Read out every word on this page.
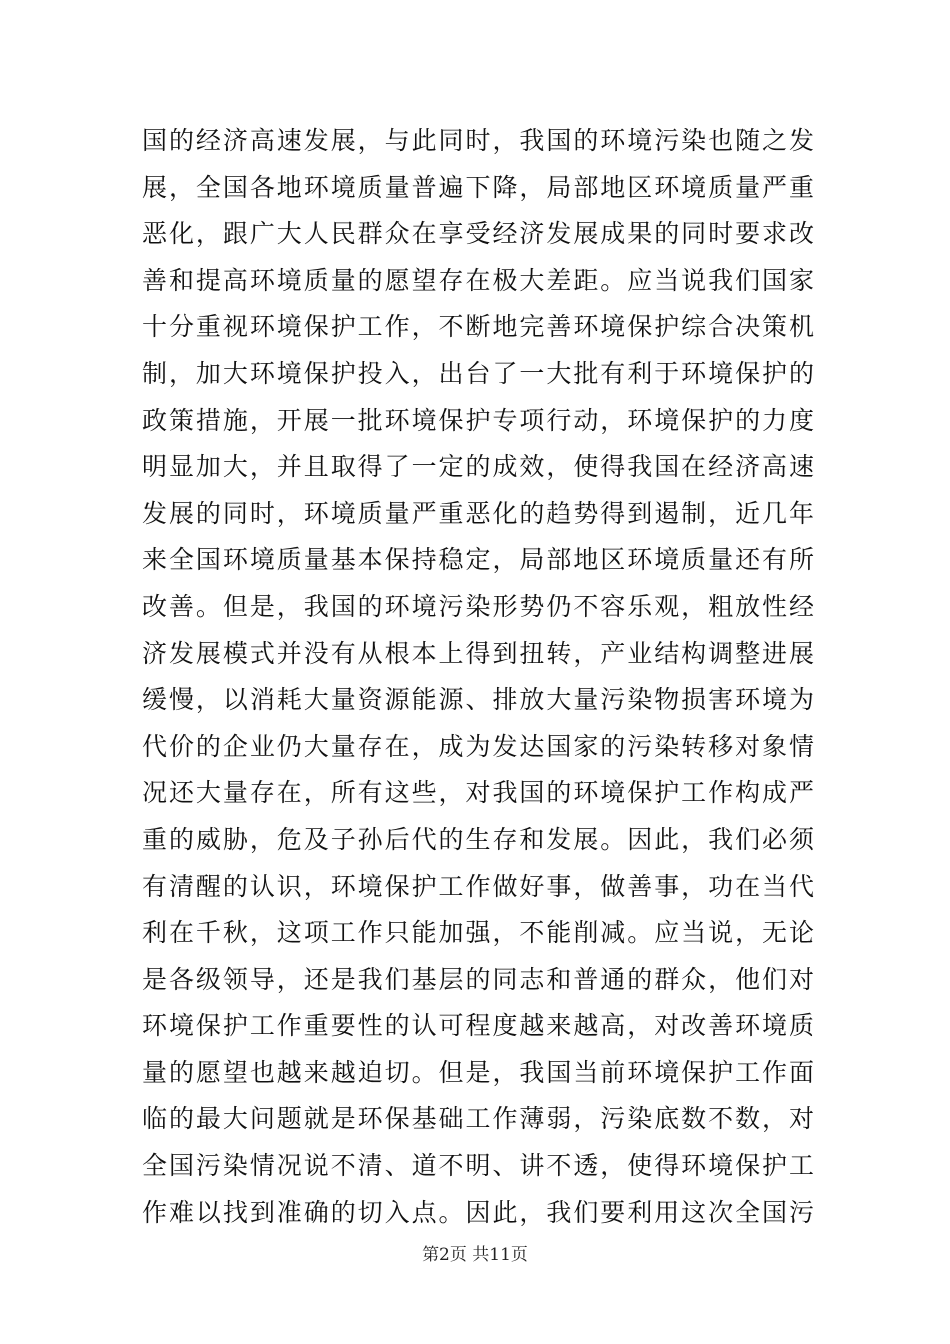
国的经济高速发展，与此同时，我国的环境污染也随之发
展，全国各地环境质量普遍下降，局部地区环境质量严重
恶化，跟广大人民群众在享受经济发展成果的同时要求改
善和提高环境质量的愿望存在极大差距。应当说我们国家
十分重视环境保护工作，不断地完善环境保护综合决策机
制，加大环境保护投入，出台了一大批有利于环境保护的
政策措施，开展一批环境保护专项行动，环境保护的力度
明显加大，并且取得了一定的成效，使得我国在经济高速
发展的同时，环境质量严重恶化的趋势得到遏制，近几年
来全国环境质量基本保持稳定，局部地区环境质量还有所
改善。但是，我国的环境污染形势仍不容乐观，粗放性经
济发展模式并没有从根本上得到扭转，产业结构调整进展
缓慢，以消耗大量资源能源、排放大量污染物损害环境为
代价的企业仍大量存在，成为发达国家的污染转移对象情
况还大量存在，所有这些，对我国的环境保护工作构成严
重的威胁，危及子孙后代的生存和发展。因此，我们必须
有清醒的认识，环境保护工作做好事，做善事，功在当代
利在千秋，这项工作只能加强，不能削减。应当说，无论
是各级领导，还是我们基层的同志和普通的群众，他们对
环境保护工作重要性的认可程度越来越高，对改善环境质
量的愿望也越来越迫切。但是，我国当前环境保护工作面
临的最大问题就是环保基础工作薄弱，污染底数不数，对
全国污染情况说不清、道不明、讲不透，使得环境保护工
作难以找到准确的切入点。因此，我们要利用这次全国污
第2页 共11页
